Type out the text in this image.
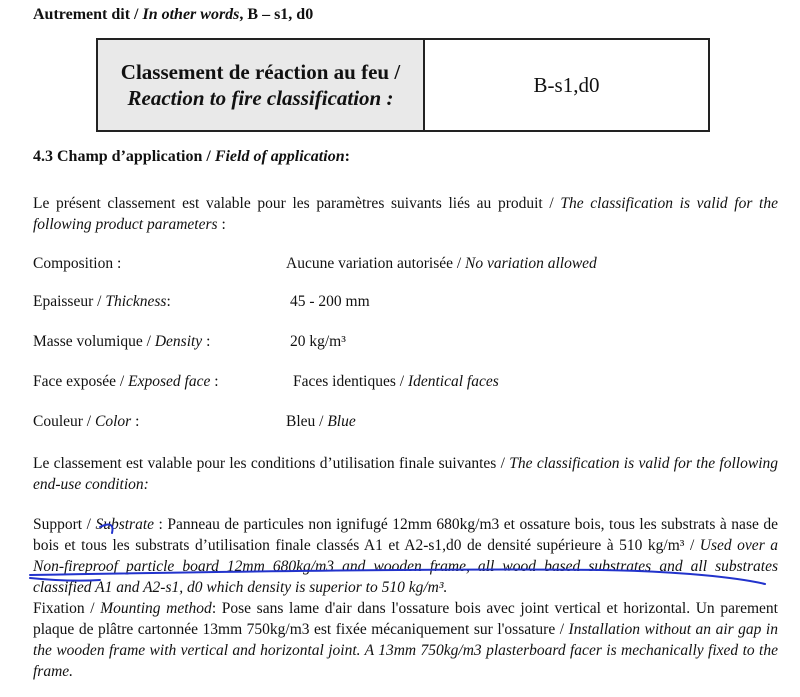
Autrement dit / In other words, B – s1, d0
Classement de réaction au feu /
Reaction to fire classification :
B-s1,d0
4.3 Champ d’application / Field of application:
Le présent classement est valable pour les paramètres suivants liés au produit / The classification is valid for the following product parameters :
Composition :	Aucune variation autorisée / No variation allowed
Epaisseur / Thickness:	45 - 200 mm
Masse volumique / Density :	20 kg/m³
Face exposée / Exposed face :	Faces identiques / Identical faces
Couleur / Color :	Bleu / Blue
Le classement est valable pour les conditions d’utilisation finale suivantes / The classification is valid for the following end-use condition:
Support / Substrate : Panneau de particules non ignifugé 12mm 680kg/m3 et ossature bois, tous les substrats à nase de bois et tous les substrats d’utilisation finale classés A1 et A2-s1,d0 de densité supérieure à 510 kg/m³ / Used over a Non-fireproof particle board 12mm 680kg/m3 and wooden frame, all wood based substrates and all substrates classified A1 and A2-s1, d0 which density is superior to 510 kg/m³.
Fixation / Mounting method: Pose sans lame d'air dans l'ossature bois avec joint vertical et horizontal. Un parement plaque de plâtre cartonnée 13mm 750kg/m3 est fixée mécaniquement sur l'ossature / Installation without an air gap in the wooden frame with vertical and horizontal joint. A 13mm 750kg/m3 plasterboard facer is mechanically fixed to the frame.
